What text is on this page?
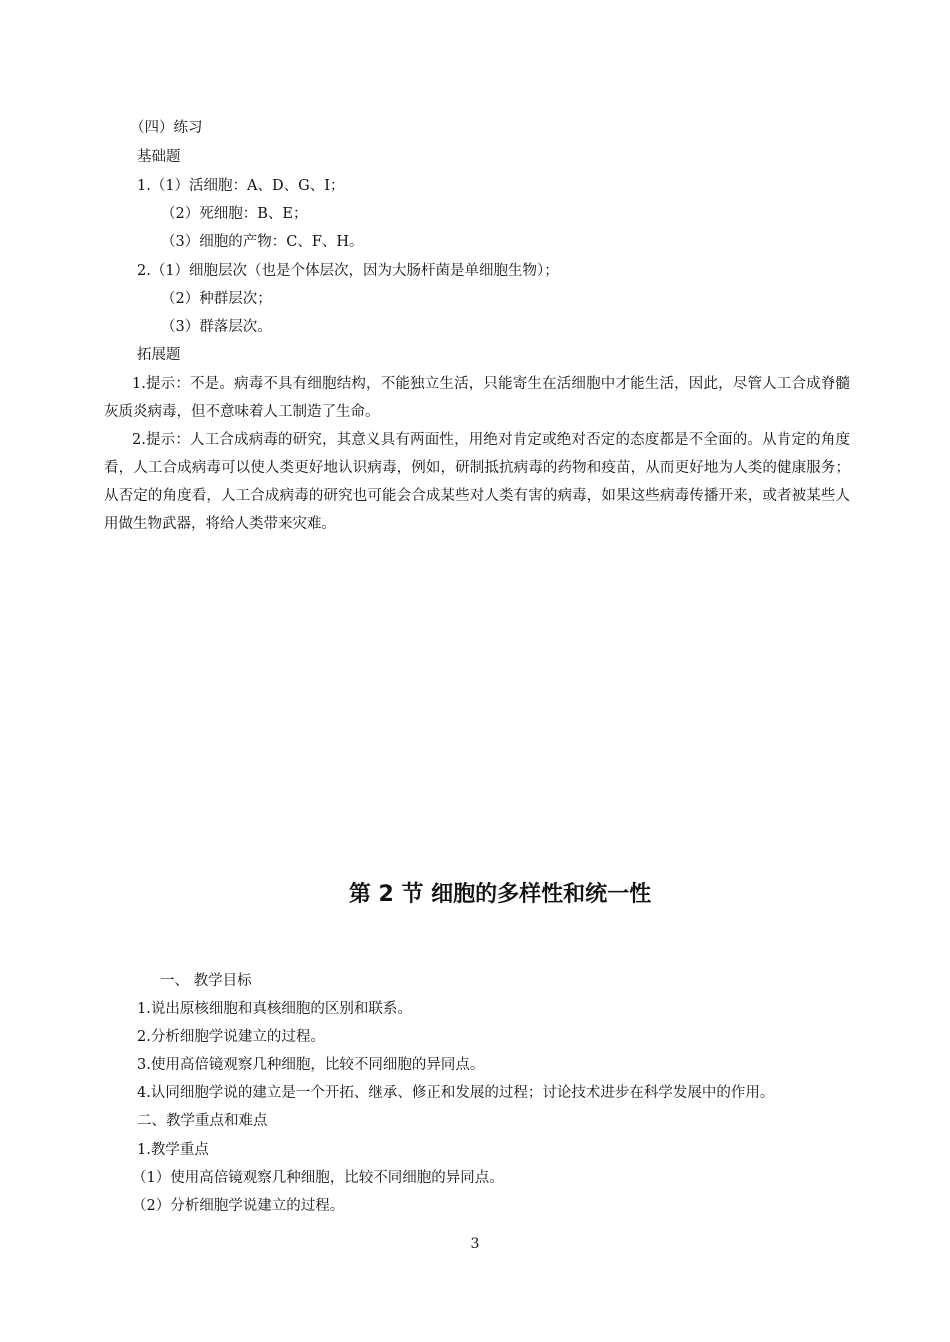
（四）练习
基础题
1.（1）活细胞：A、D、G、I；
（2）死细胞：B、E；
（3）细胞的产物：C、F、H。
2.（1）细胞层次（也是个体层次，因为大肠杆菌是单细胞生物）；
（2）种群层次；
（3）群落层次。
拓展题
1.提示：不是。病毒不具有细胞结构，不能独立生活，只能寄生在活细胞中才能生活，因此，尽管人工合成脊髓灰质炎病毒，但不意味着人工制造了生命。
2.提示：人工合成病毒的研究，其意义具有两面性，用绝对肯定或绝对否定的态度都是不全面的。从肯定的角度看，人工合成病毒可以使人类更好地认识病毒，例如，研制抵抗病毒的药物和疫苗，从而更好地为人类的健康服务；从否定的角度看，人工合成病毒的研究也可能会合成某些对人类有害的病毒，如果这些病毒传播开来，或者被某些人用做生物武器，将给人类带来灾难。
第 2 节 细胞的多样性和统一性
一、 教学目标
1.说出原核细胞和真核细胞的区别和联系。
2.分析细胞学说建立的过程。
3.使用高倍镜观察几种细胞，比较不同细胞的异同点。
4.认同细胞学说的建立是一个开拓、继承、修正和发展的过程；讨论技术进步在科学发展中的作用。
二、教学重点和难点
1.教学重点
（1）使用高倍镜观察几种细胞，比较不同细胞的异同点。
（2）分析细胞学说建立的过程。
3
